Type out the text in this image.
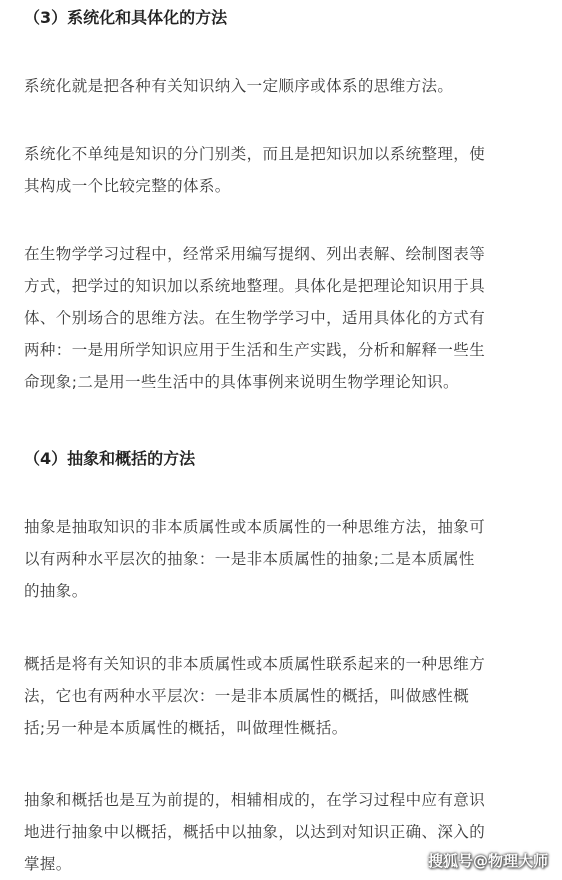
（3）系统化和具体化的方法
系统化就是把各种有关知识纳入一定顺序或体系的思维方法。
系统化不单纯是知识的分门别类，而且是把知识加以系统整理，使
其构成一个比较完整的体系。
在生物学学习过程中，经常采用编写提纲、列出表解、绘制图表等
方式，把学过的知识加以系统地整理。具体化是把理论知识用于具
体、个别场合的思维方法。在生物学学习中，适用具体化的方式有
两种：一是用所学知识应用于生活和生产实践，分析和解释一些生
命现象;二是用一些生活中的具体事例来说明生物学理论知识。
（4）抽象和概括的方法
抽象是抽取知识的非本质属性或本质属性的一种思维方法，抽象可
以有两种水平层次的抽象：一是非本质属性的抽象;二是本质属性
的抽象。
概括是将有关知识的非本质属性或本质属性联系起来的一种思维方
法，它也有两种水平层次：一是非本质属性的概括，叫做感性概
括;另一种是本质属性的概括，叫做理性概括。
抽象和概括也是互为前提的，相辅相成的，在学习过程中应有意识
地进行抽象中以概括，概括中以抽象，以达到对知识正确、深入的
掌握。	搜狐号@物理大师
